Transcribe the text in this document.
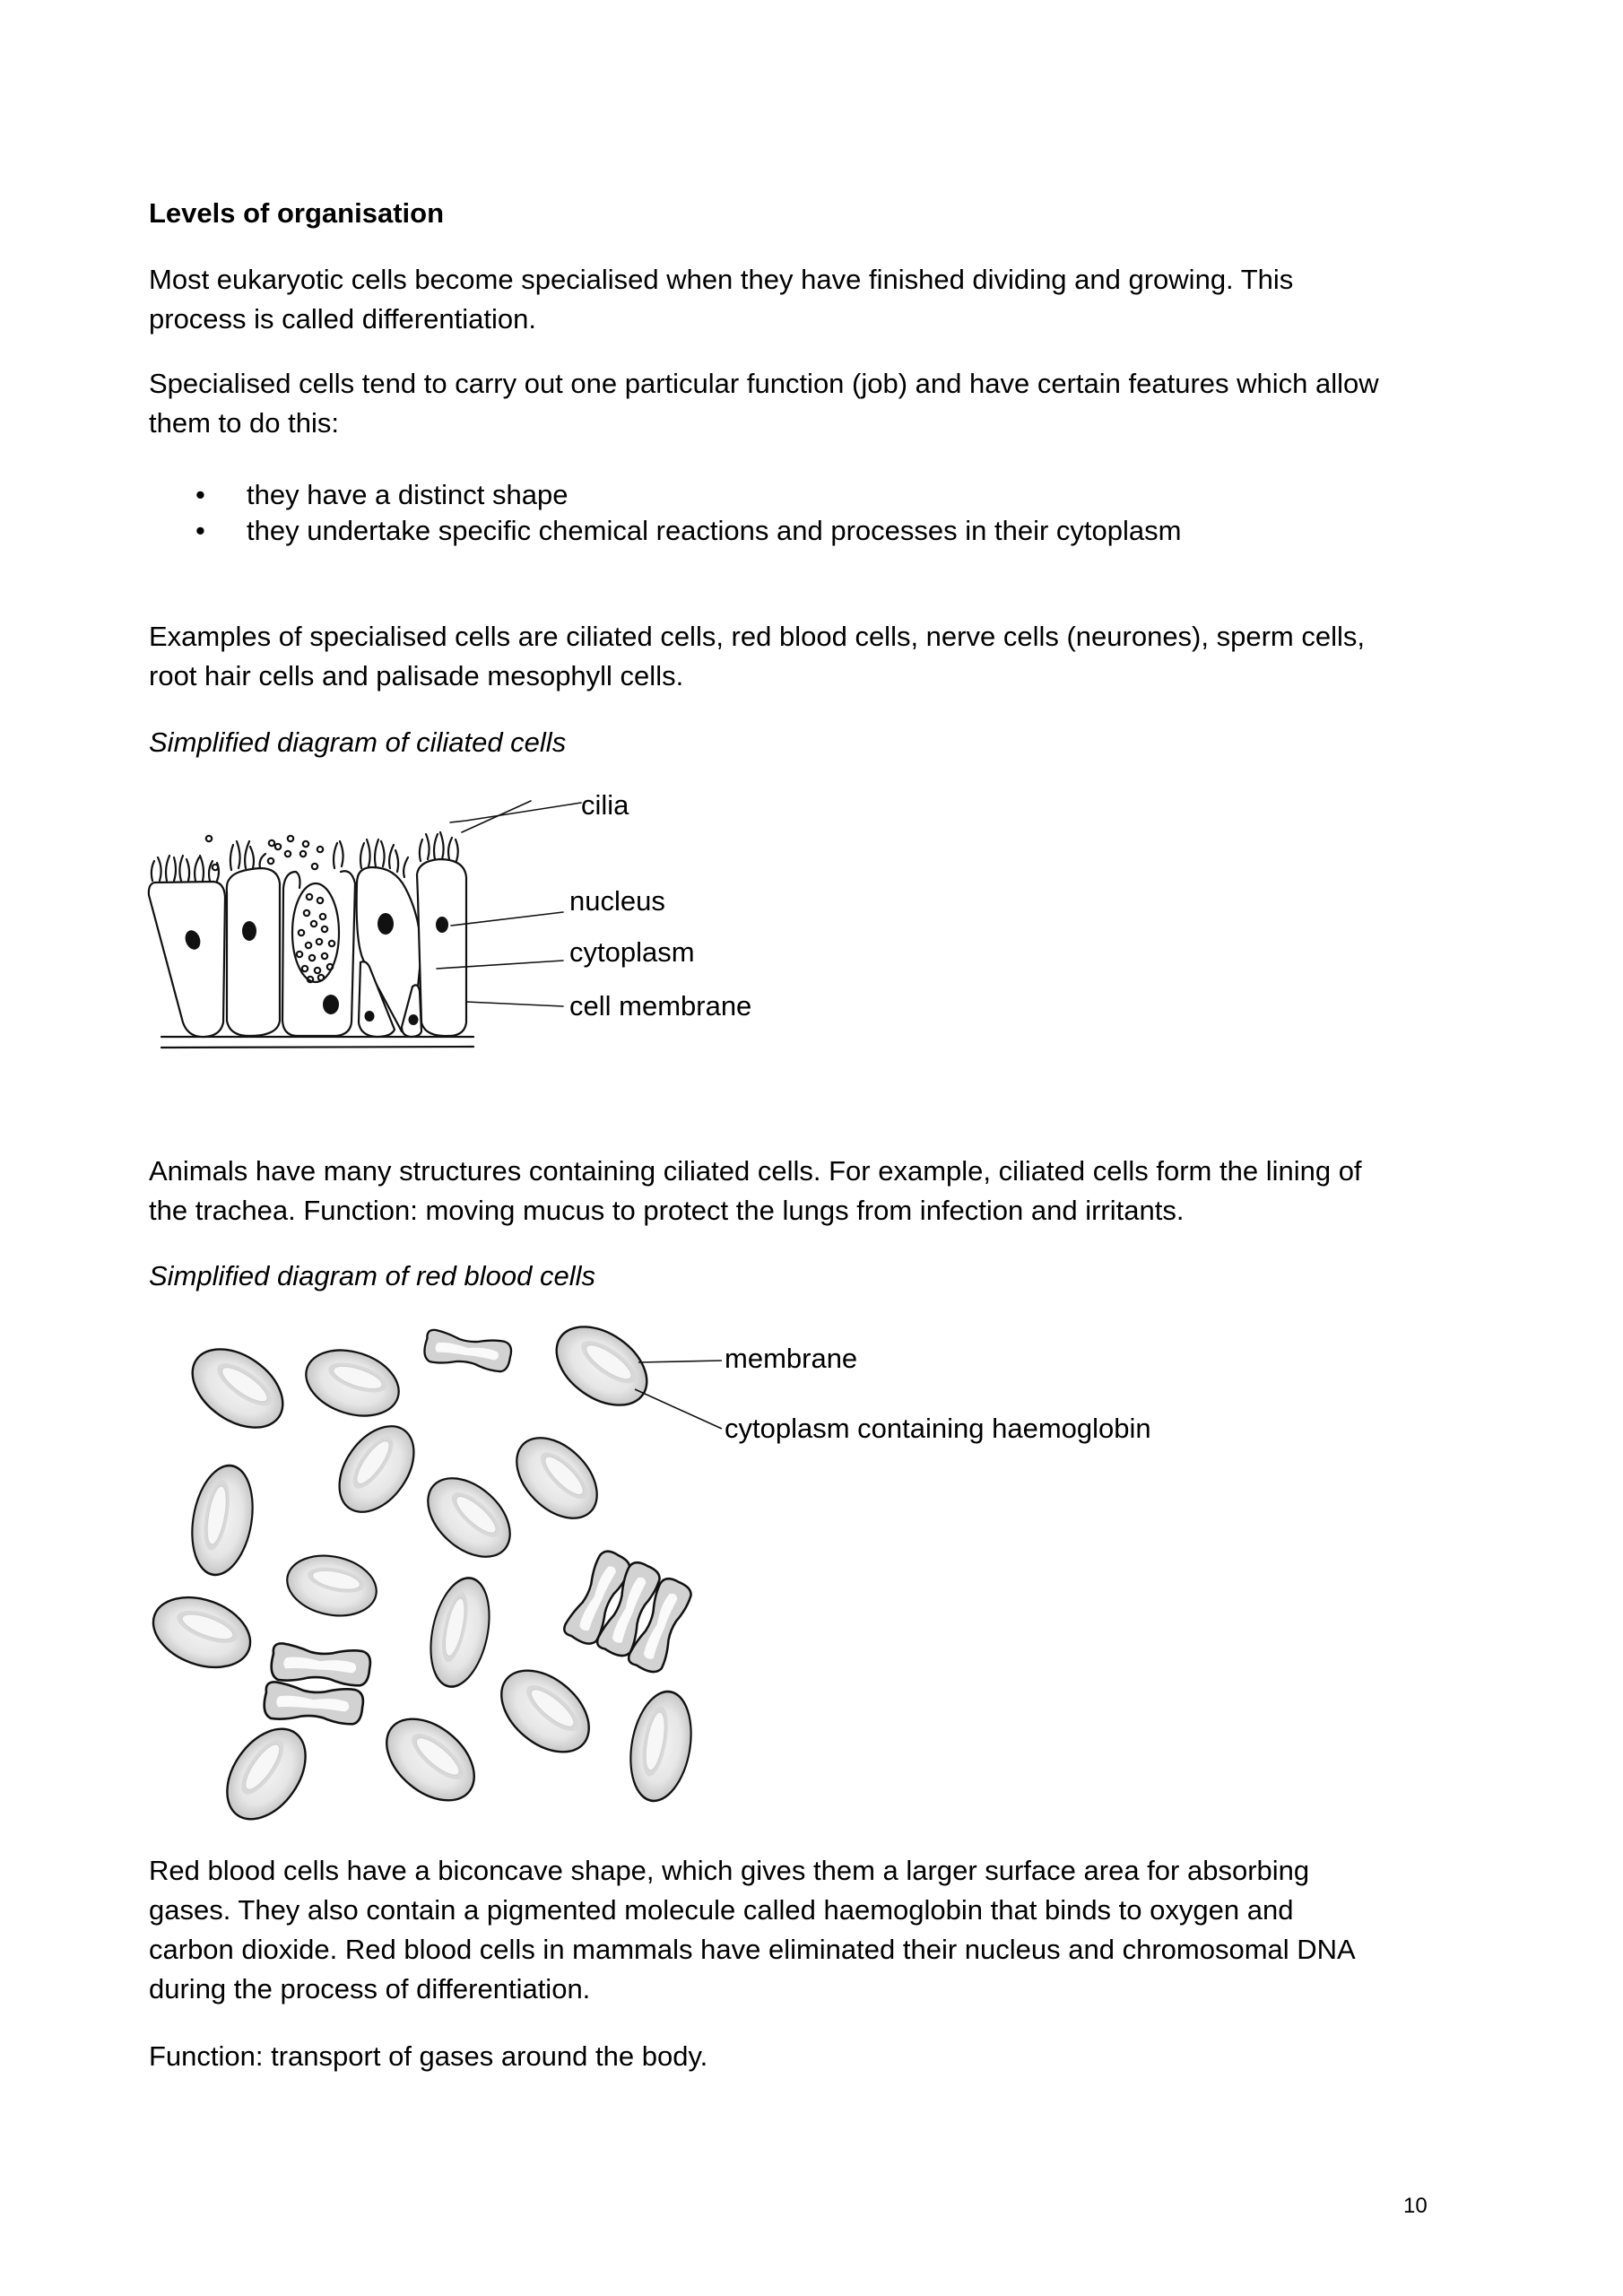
Levels of organisation
Most eukaryotic cells become specialised when they have finished dividing and growing. This
process is called differentiation.
Specialised cells tend to carry out one particular function (job) and have certain features which allow
them to do this:
• they have a distinct shape
• they undertake specific chemical reactions and processes in their cytoplasm
Examples of specialised cells are ciliated cells, red blood cells, nerve cells (neurones), sperm cells,
root hair cells and palisade mesophyll cells.
Simplified diagram of ciliated cells
cilia
nucleus
cytoplasm
cell membrane
Animals have many structures containing ciliated cells. For example, ciliated cells form the lining of
the trachea. Function: moving mucus to protect the lungs from infection and irritants.
Simplified diagram of red blood cells
membrane
cytoplasm containing haemoglobin
Red blood cells have a biconcave shape, which gives them a larger surface area for absorbing
gases. They also contain a pigmented molecule called haemoglobin that binds to oxygen and
carbon dioxide. Red blood cells in mammals have eliminated their nucleus and chromosomal DNA
during the process of differentiation.
Function: transport of gases around the body.
10
